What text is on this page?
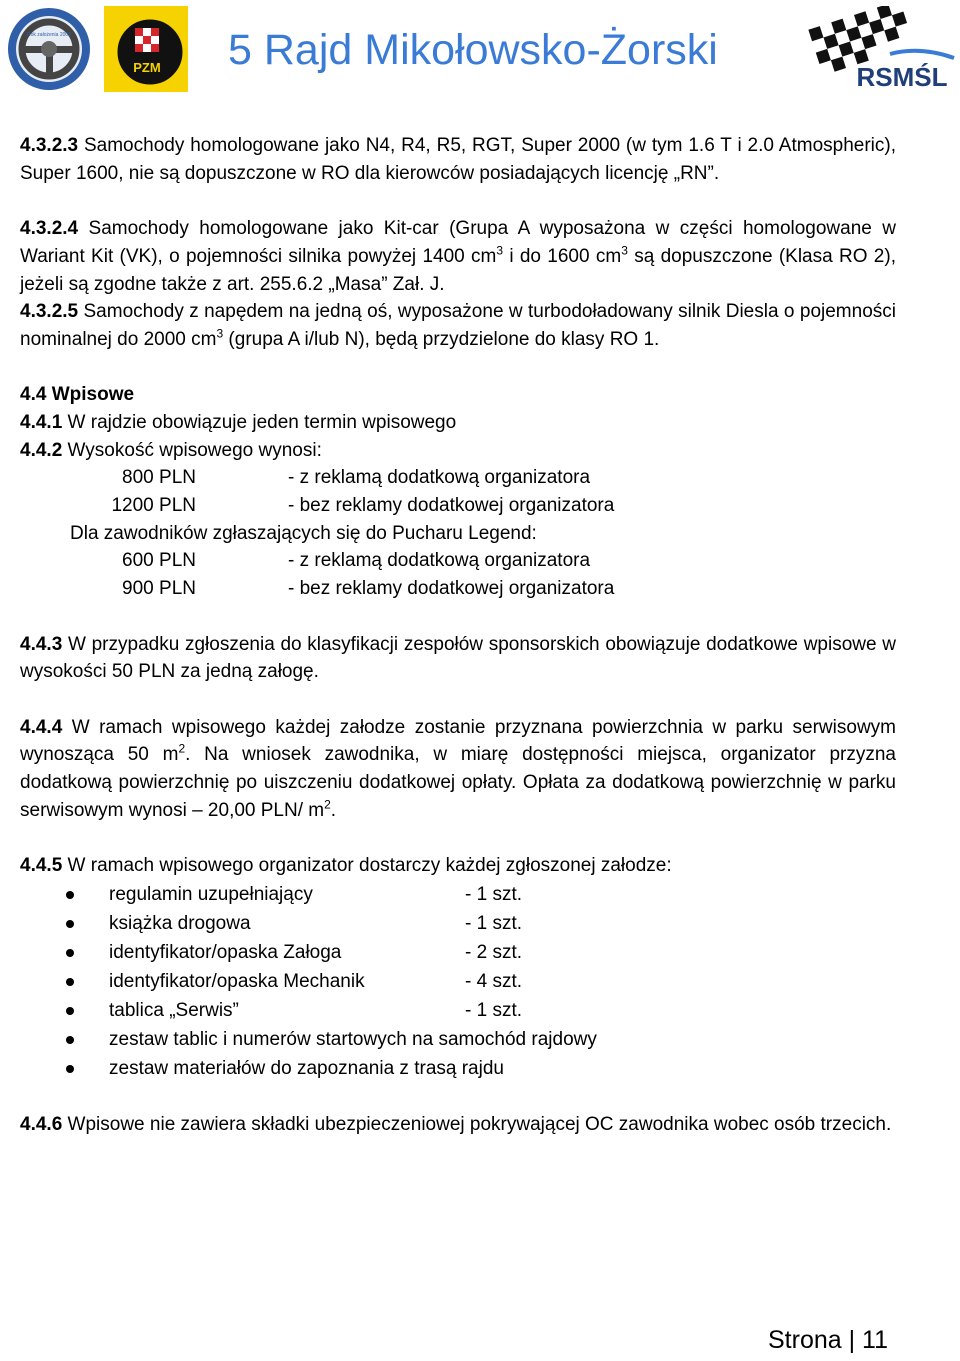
Rok założenia 2003
PZM 5 Rajd Mikołowsko-Żorski
RSMŚL

4.3.2.3 Samochody homologowane jako N4, R4, R5, RGT, Super 2000 (w tym 1.6 T i 2.0 Atmospheric), Super 1600, nie są dopuszczone w RO dla kierowców posiadających licencję „RN”.

4.3.2.4 Samochody homologowane jako Kit-car (Grupa A wyposażona w części homologowane w Wariant Kit (VK), o pojemności silnika powyżej 1400 $cm^3$ i do 1600 $cm^3$ są dopuszczone (Klasa RO 2), jeżeli są zgodne także z art. 255.6.2 „Masa” Zał. J.

4.3.2.5 Samochody z napędem na jedną oś, wyposażone w turbodoładowany silnik Diesla o pojemności nominalnej do 2000 $cm^3$ (grupa A i/lub N), będą przydzielone do klasy RO 1.

4.4 Wpisowe

4.4.1 W rajdzie obowiązuje jeden termin wpisowego

4.4.2 Wysokość wpisowego wynosi:

800 PLN	- z reklamą dodatkową organizatora
1200 PLN	- bez reklamy dodatkowej organizatora

Dla zawodników zgłaszających się do Pucharu Legend:

600 PLN	- z reklamą dodatkową organizatora
900 PLN	- bez reklamy dodatkowej organizatora

4.4.3 W przypadku zgłoszenia do klasyfikacji zespołów sponsorskich obowiązuje dodatkowe wpisowe w wysokości 50 PLN za jedną załogę.

4.4.4 W ramach wpisowego każdej załodze zostanie przyznana powierzchnia w parku serwisowym wynosząca 50 $m^2$. Na wniosek zawodnika, w miarę dostępności miejsca, organizator przyzna dodatkową powierzchnię po uiszczeniu dodatkowej opłaty. Opłata za dodatkową powierzchnię w parku serwisowym wynosi – 20,00 PLN/ $m^2$.

4.4.5 W ramach wpisowego organizator dostarczy każdej zgłoszonej załodze:

regulamin uzupełniający	- 1 szt.
książka drogowa	- 1 szt.
identyfikator/opaska Załoga	- 2 szt.
identyfikator/opaska Mechanik	- 4 szt.
tablica „Serwis”	- 1 szt.
zestaw tablic i numerów startowych na samochód rajdowy
zestaw materiałów do zapoznania z trasą rajdu

4.4.6 Wpisowe nie zawiera składki ubezpieczeniowej pokrywającej OC zawodnika wobec osób trzecich.

Strona | 11
